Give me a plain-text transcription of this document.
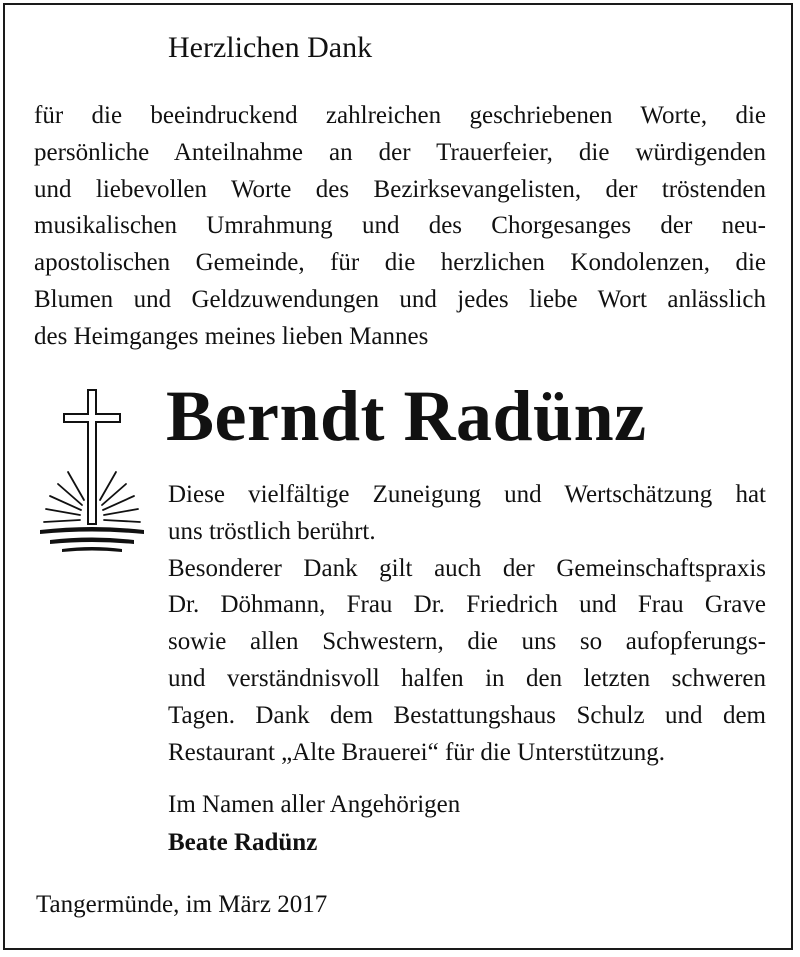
Herzlichen Dank
für die beeindruckend zahlreichen geschriebenen Worte, die
persönliche Anteilnahme an der Trauerfeier, die würdigenden
und liebevollen Worte des Bezirksevangelisten, der tröstenden
musikalischen Umrahmung und des Chorgesanges der neu-
apostolischen Gemeinde, für die herzlichen Kondolenzen, die
Blumen und Geldzuwendungen und jedes liebe Wort anlässlich
des Heimganges meines lieben Mannes
Berndt Radünz
Diese vielfältige Zuneigung und Wertschätzung hat
uns tröstlich berührt.
Besonderer Dank gilt auch der Gemeinschaftspraxis
Dr. Döhmann, Frau Dr. Friedrich und Frau Grave
sowie allen Schwestern, die uns so aufopferungs-
und verständnisvoll halfen in den letzten schweren
Tagen. Dank dem Bestattungshaus Schulz und dem
Restaurant „Alte Brauerei“ für die Unterstützung.
Im Namen aller Angehörigen
Beate Radünz
Tangermünde, im März 2017
